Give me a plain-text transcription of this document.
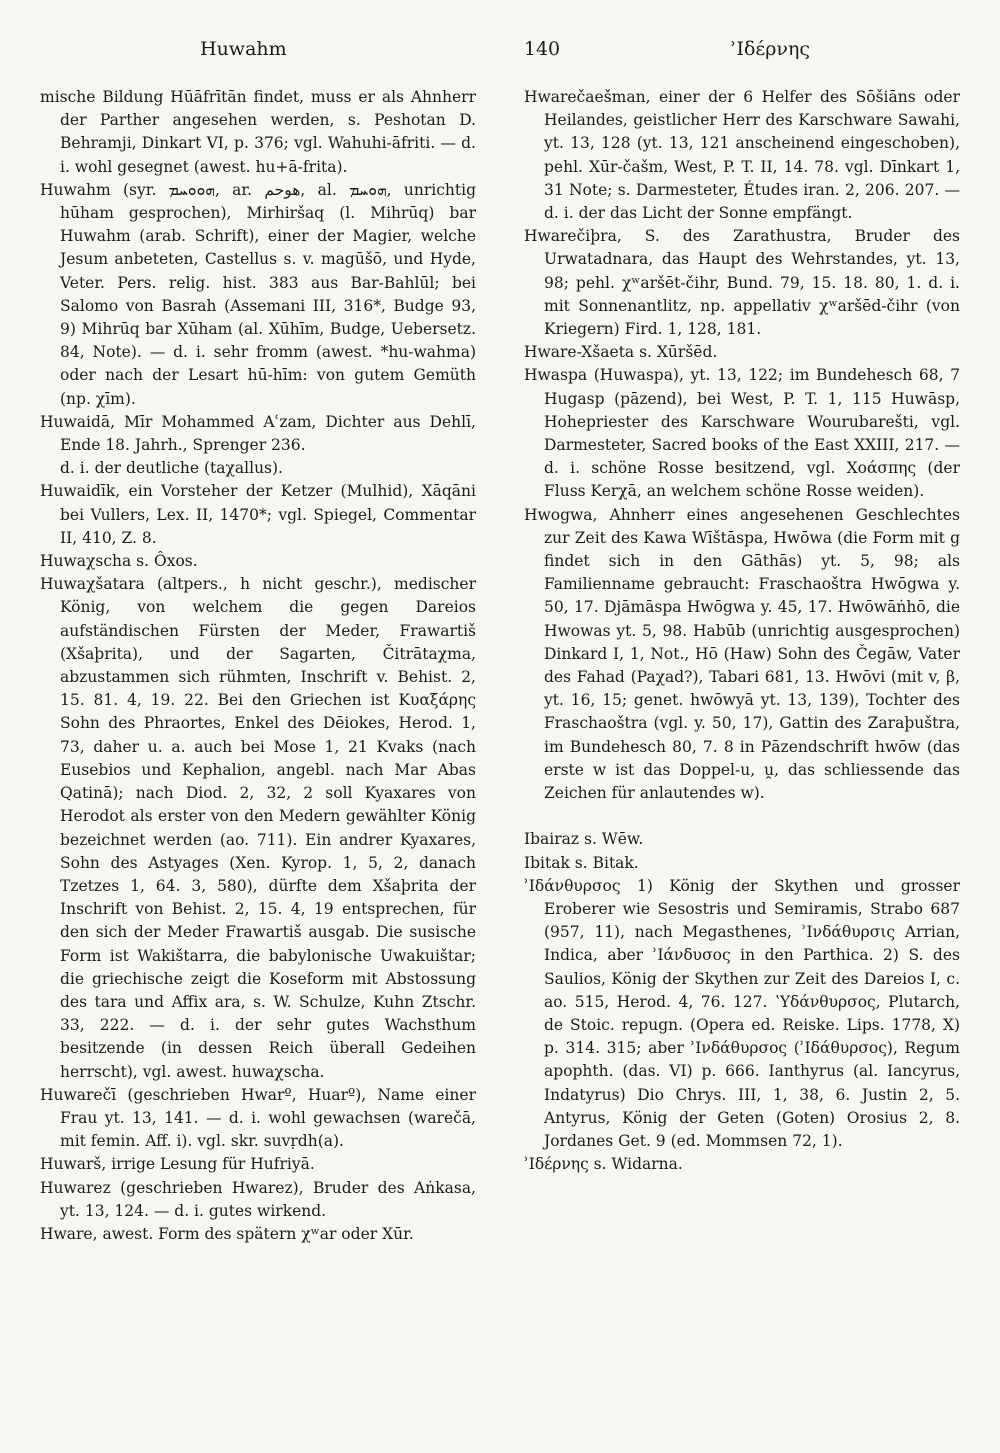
Huwahm	140	ʾIδέρνης
mische Bildung Hūāfrītān findet, muss er als Ahnherr der Parther angesehen werden, s. Peshotan D. Behramji, Dinkart VI, p. 376; vgl. Wahuhi-āfriti. — d. i. wohl gesegnet (awest. hu+ā-frita).
Huwahm (syr. ܗܘܘܚܡ, ar. هوحم, al. ܗܘܚܡ, unrichtig hūham gesprochen), Mirhiršaq (l. Mihrūq) bar Huwahm (arab. Schrift), einer der Magier, welche Jesum anbeteten, Castellus s. v. magūšō, und Hyde, Veter. Pers. relig. hist. 383 aus Bar-Bahlūl; bei Salomo von Basrah (Assemani III, 316*, Budge 93, 9) Mihrūq bar Xūham (al. Xūhīm, Budge, Uebersetz. 84, Note). — d. i. sehr fromm (awest. *hu-wahma) oder nach der Lesart hū-hīm: von gutem Gemüth (np. χīm).
Huwaidā, Mīr Mohammed Aʿzam, Dichter aus Dehlī, Ende 18. Jahrh., Sprenger 236.
d. i. der deutliche (taχallus).
Huwaidīk, ein Vorsteher der Ketzer (Mulhid), Xāqāni bei Vullers, Lex. II, 1470*; vgl. Spiegel, Commentar II, 410, Z. 8.
Huwaχscha s. Ôxos.
Huwaχšatara (altpers., h nicht geschr.), medischer König, von welchem die gegen Dareios aufständischen Fürsten der Meder, Frawartiš (Xšaþrita), und der Sagarten, Čitrātaχma, abzustammen sich rühmten, Inschrift v. Behist. 2, 15. 81. 4, 19. 22. Bei den Griechen ist Κυαξάρης Sohn des Phraortes, Enkel des Dēiokes, Herod. 1, 73, daher u. a. auch bei Mose 1, 21 Kvaks (nach Eusebios und Kephalion, angebl. nach Mar Abas Qatinā); nach Diod. 2, 32, 2 soll Kyaxares von Herodot als erster von den Medern gewählter König bezeichnet werden (ao. 711). Ein andrer Kyaxares, Sohn des Astyages (Xen. Kyrop. 1, 5, 2, danach Tzetzes 1, 64. 3, 580), dürfte dem Xšaþrita der Inschrift von Behist. 2, 15. 4, 19 entsprechen, für den sich der Meder Frawartiš ausgab. Die susische Form ist Wakištarra, die babylonische Uwakuištar; die griechische zeigt die Koseform mit Abstossung des tara und Affix ara, s. W. Schulze, Kuhn Ztschr. 33, 222. — d. i. der sehr gutes Wachsthum besitzende (in dessen Reich überall Gedeihen herrscht), vgl. awest. huwaχscha.
Huwarečī (geschrieben Hwarº, Huarº), Name einer Frau yt. 13, 141. — d. i. wohl gewachsen (warečā, mit femin. Aff. i). vgl. skr. suvṛdh(a).
Huwarš, irrige Lesung für Hufriyā.
Huwarez (geschrieben Hwarez), Bruder des Aṅkasa, yt. 13, 124. — d. i. gutes wirkend.
Hware, awest. Form des spätern χʷar oder Xūr.
Hwarečaešman, einer der 6 Helfer des Sōšiāns oder Heilandes, geistlicher Herr des Karschware Sawahi, yt. 13, 128 (yt. 13, 121 anscheinend eingeschoben), pehl. Xūr-čašm, West, P. T. II, 14. 78. vgl. Dīnkart 1, 31 Note; s. Darmesteter, Études iran. 2, 206. 207. — d. i. der das Licht der Sonne empfängt.
Hwarečiþra, S. des Zarathustra, Bruder des Urwatadnara, das Haupt des Wehrstandes, yt. 13, 98; pehl. χʷaršēt-čihr, Bund. 79, 15. 18. 80, 1. d. i. mit Sonnenantlitz, np. appellativ χʷaršēd-čihr (von Kriegern) Fird. 1, 128, 181.
Hware-Xšaeta s. Xūršēd.
Hwaspa (Huwaspa), yt. 13, 122; im Bundehesch 68, 7 Hugasp (pāzend), bei West, P. T. 1, 115 Huwāsp, Hohepriester des Karschware Wourubarešti, vgl. Darmesteter, Sacred books of the East XXIII, 217. — d. i. schöne Rosse besitzend, vgl. Χοάσπης (der Fluss Kerχā, an welchem schöne Rosse weiden).
Hwogwa, Ahnherr eines angesehenen Geschlechtes zur Zeit des Kawa Wīštāspa, Hwōwa (die Form mit g findet sich in den Gāthās) yt. 5, 98; als Familienname gebraucht: Fraschaoštra Hwōgwa y. 50, 17. Djāmāspa Hwōgwa y. 45, 17. Hwōwāṅhō, die Hwowas yt. 5, 98. Habūb (unrichtig ausgesprochen) Dinkard I, 1, Not., Hō (Haw) Sohn des Čegāw, Vater des Fahad (Paχad?), Tabari 681, 13. Hwōvi (mit v, β, yt. 16, 15; genet. hwōwyā yt. 13, 139), Tochter des Fraschaoštra (vgl. y. 50, 17), Gattin des Zaraþuštra, im Bundehesch 80, 7. 8 in Pāzendschrift hwōw (das erste w ist das Doppel-u, u̯, das schliessende das Zeichen für anlautendes w).
Ibairaz s. Wēw.
Ibitak s. Bitak.
ʾIδάνθυρσος 1) König der Skythen und grosser Eroberer wie Sesostris und Semiramis, Strabo 687 (957, 11), nach Megasthenes, ʾIνδάθυρσις Arrian, Indica, aber ʾIάνδυσος in den Parthica. 2) S. des Saulios, König der Skythen zur Zeit des Dareios I, c. ao. 515, Herod. 4, 76. 127. ʽΥδάνθυρσος, Plutarch, de Stoic. repugn. (Opera ed. Reiske. Lips. 1778, X) p. 314. 315; aber ʾIνδάθυρσος (ʾIδάθυρσος), Regum apophth. (das. VI) p. 666. Ianthyrus (al. Iancyrus, Indatyrus) Dio Chrys. III, 1, 38, 6. Justin 2, 5. Antyrus, König der Geten (Goten) Orosius 2, 8. Jordanes Get. 9 (ed. Mommsen 72, 1).
ʾIδέρνης s. Widarna.
